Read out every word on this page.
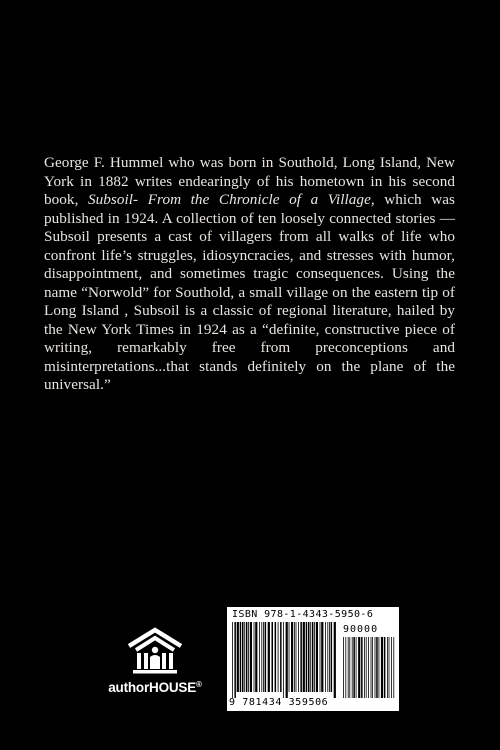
George F. Hummel who was born in Southold, Long Island, New York in 1882 writes endearingly of his hometown in his second book, Subsoil- From the Chronicle of a Village, which was published in 1924. A collection of ten loosely connected stories — Subsoil presents a cast of villagers from all walks of life who confront life’s struggles, idiosyncracies, and stresses with humor, disappointment, and sometimes tragic consequences. Using the name “Norwold” for Southold, a small village on the eastern tip of Long Island , Subsoil is a classic of regional literature, hailed by the New York Times in 1924 as a “definite, constructive piece of writing, remarkably free from preconceptions and misinterpretations...that stands definitely on the plane of the universal.”
authorHOUSE®
ISBN 978-1-4343-5950-6
90000
9 781434 359506
